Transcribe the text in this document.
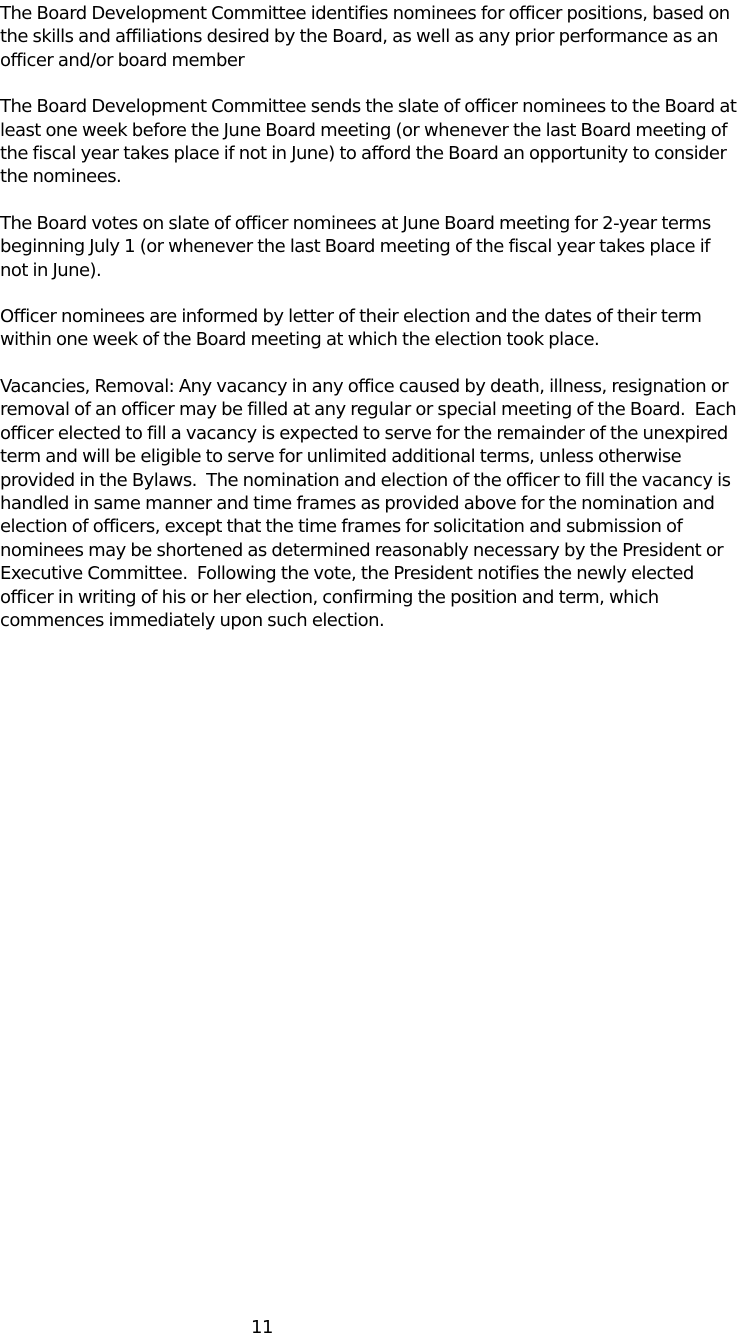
The Board Development Committee identifies nominees for officer positions, based on the skills and affiliations desired by the Board, as well as any prior performance as an officer and/or board member

The Board Development Committee sends the slate of officer nominees to the Board at least one week before the June Board meeting (or whenever the last Board meeting of the fiscal year takes place if not in June) to afford the Board an opportunity to consider the nominees.

The Board votes on slate of officer nominees at June Board meeting for 2-year terms beginning July 1 (or whenever the last Board meeting of the fiscal year takes place if not in June).

Officer nominees are informed by letter of their election and the dates of their term within one week of the Board meeting at which the election took place.

Vacancies, Removal: Any vacancy in any office caused by death, illness, resignation or removal of an officer may be filled at any regular or special meeting of the Board.  Each officer elected to fill a vacancy is expected to serve for the remainder of the unexpired term and will be eligible to serve for unlimited additional terms, unless otherwise provided in the Bylaws.  The nomination and election of the officer to fill the vacancy is handled in same manner and time frames as provided above for the nomination and election of officers, except that the time frames for solicitation and submission of nominees may be shortened as determined reasonably necessary by the President or Executive Committee.  Following the vote, the President notifies the newly elected officer in writing of his or her election, confirming the position and term, which commences immediately upon such election.

11
